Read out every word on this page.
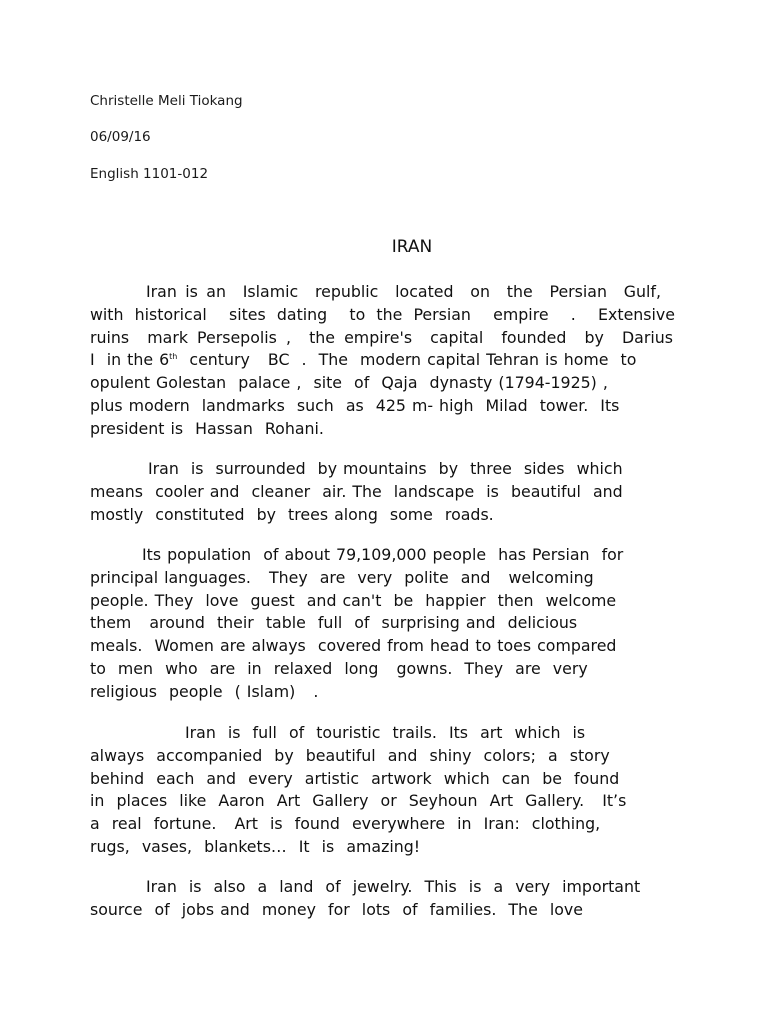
Christelle Meli Tiokang
06/09/16
English 1101-012
IRAN
Iran is an  Islamic  republic  located  on  the  Persian  Gulf,
with historical  sites dating  to the Persian  empire  .  Extensive
ruins  mark Persepolis ,  the empire's  capital  founded  by  Darius
I  in the 6th  century   BC  .  The  modern capital Tehran is home  to
opulent Golestan  palace ,  site  of  Qaja  dynasty (1794-1925) ,
plus modern  landmarks  such  as  425 m- high  Milad  tower.  Its
president is  Hassan  Rohani.
Iran  is  surrounded  by mountains  by  three  sides  which
means  cooler and  cleaner  air. The  landscape  is  beautiful  and
mostly  constituted  by  trees along  some  roads.
Its population  of about 79,109,000 people  has Persian  for
principal languages.   They  are  very  polite  and   welcoming
people. They  love  guest  and can't  be  happier  then  welcome
them   around  their  table  full  of  surprising and  delicious
meals.  Women are always  covered from head to toes compared
to  men  who  are  in  relaxed  long   gowns.  They  are  very
religious  people  ( Islam)   .
Iran  is  full  of  touristic  trails.  Its  art  which  is
always  accompanied  by  beautiful  and  shiny  colors;  a  story
behind  each  and  every  artistic  artwork  which  can  be  found
in  places  like  Aaron  Art  Gallery  or  Seyhoun  Art  Gallery.   It’s
a  real  fortune.   Art  is  found  everywhere  in  Iran:  clothing,
rugs,  vases,  blankets…  It  is  amazing!
Iran  is  also  a  land  of  jewelry.  This  is  a  very  important
source  of  jobs and  money  for  lots  of  families.  The  love
